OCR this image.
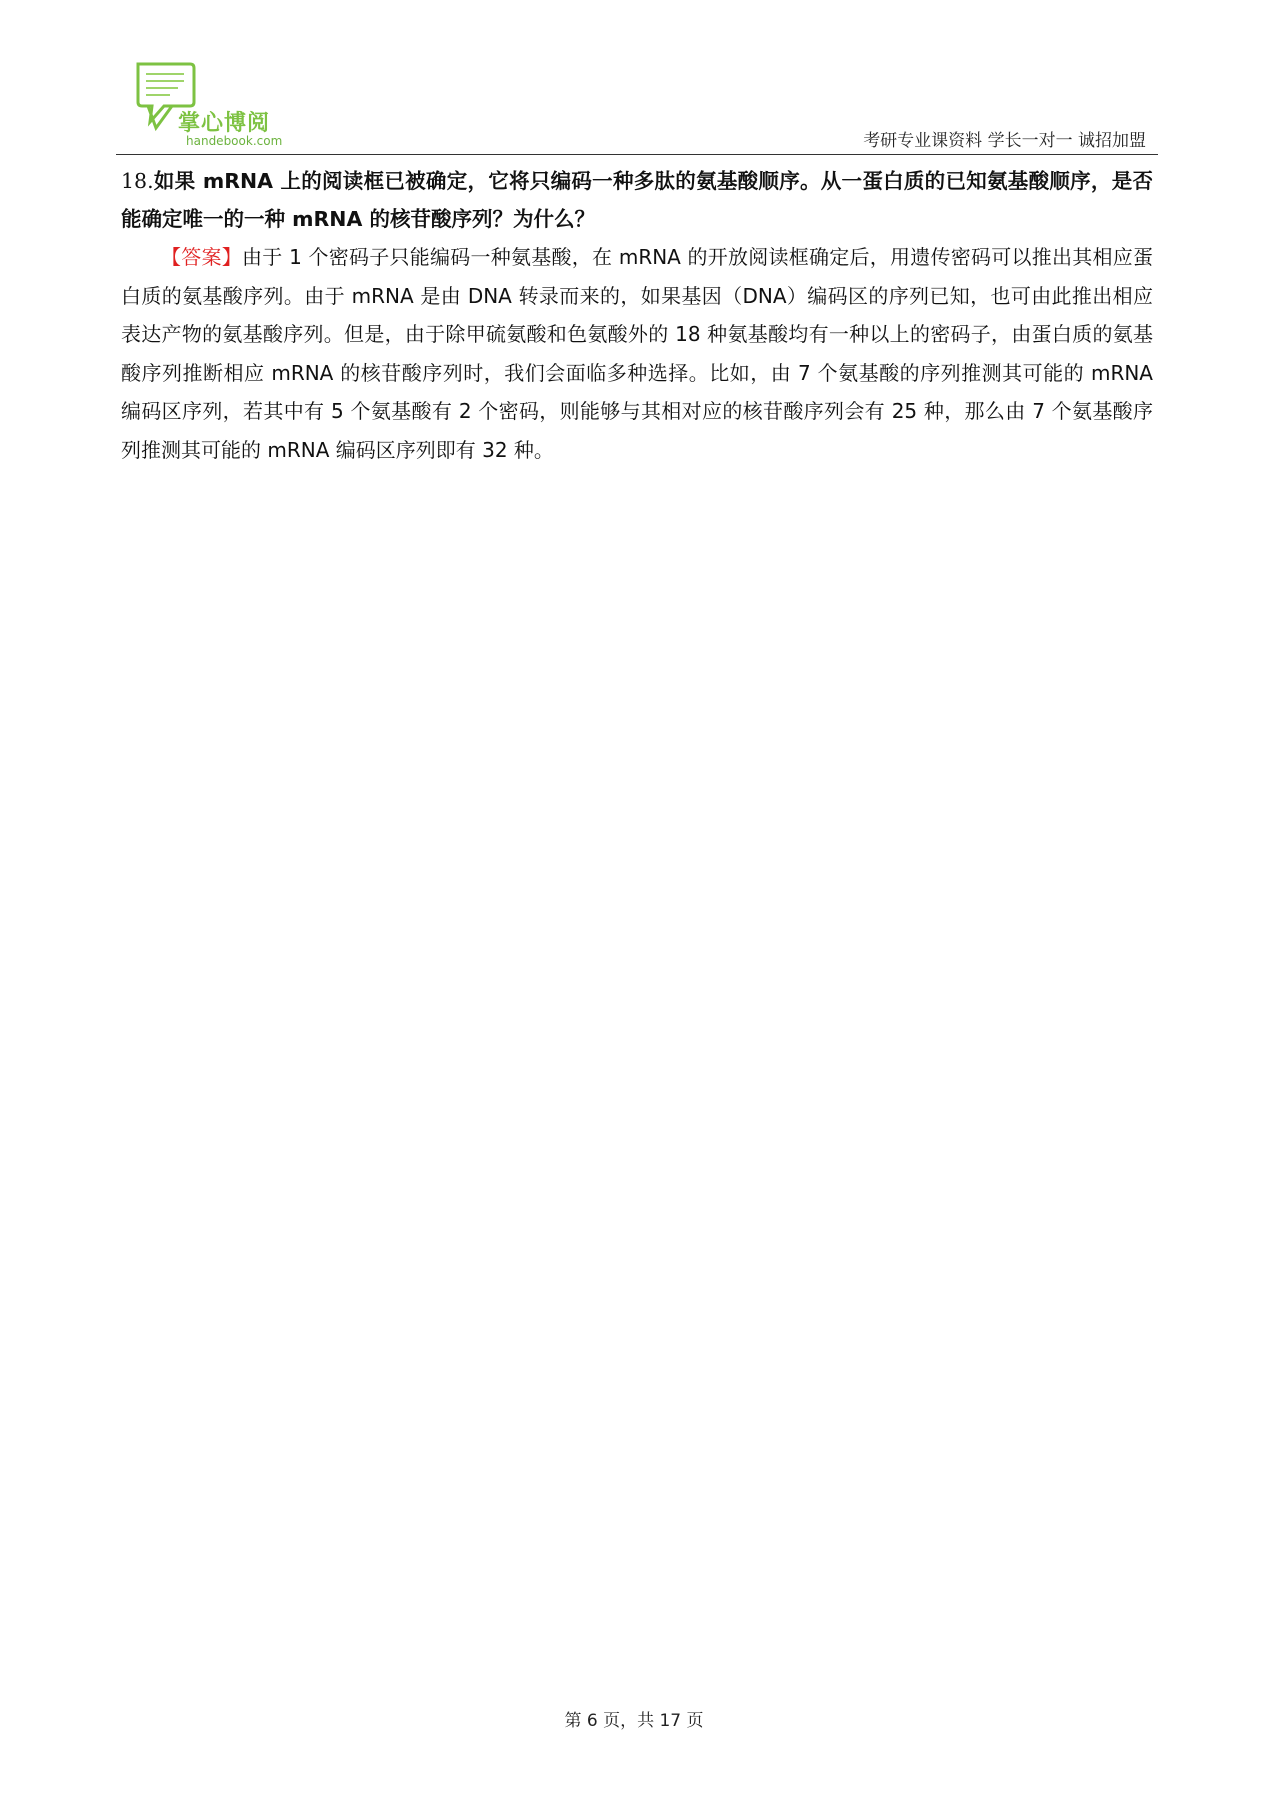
掌心博阅
handebook.com	考研专业课资料 学长一对一 诚招加盟

18.如果 mRNA 上的阅读框已被确定，它将只编码一种多肽的氨基酸顺序。从一蛋白质的已知氨基酸顺序，是否能确定唯一的一种 mRNA 的核苷酸序列？为什么？

【答案】由于 1 个密码子只能编码一种氨基酸，在 mRNA 的开放阅读框确定后，用遗传密码可以推出其相应蛋白质的氨基酸序列。由于 mRNA 是由 DNA 转录而来的，如果基因（DNA）编码区的序列已知，也可由此推出相应表达产物的氨基酸序列。但是，由于除甲硫氨酸和色氨酸外的 18 种氨基酸均有一种以上的密码子，由蛋白质的氨基酸序列推断相应 mRNA 的核苷酸序列时，我们会面临多种选择。比如，由 7 个氨基酸的序列推测其可能的 mRNA 编码区序列，若其中有 5 个氨基酸有 2 个密码，则能够与其相对应的核苷酸序列会有 25 种，那么由 7 个氨基酸序列推测其可能的 mRNA 编码区序列即有 32 种。

第 6 页，共 17 页
